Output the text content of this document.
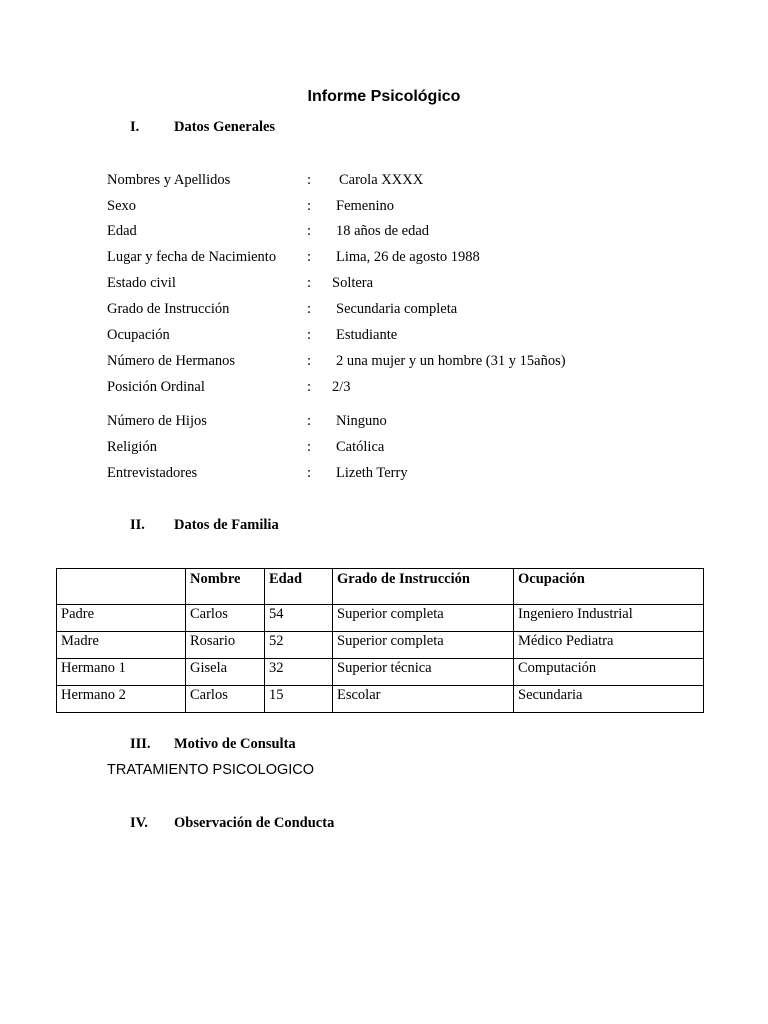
Informe Psicológico
I. Datos Generales
Nombres y Apellidos	: Carola XXXX
Sexo	: Femenino
Edad	: 18 años de edad
Lugar y fecha de Nacimiento : Lima, 26 de agosto 1988
Estado civil	: Soltera
Grado de Instrucción	: Secundaria completa
Ocupación	: Estudiante
Número de Hermanos	: 2 una mujer y un hombre (31 y 15años)
Posición Ordinal	: 2/3
Número de Hijos	: Ninguno
Religión	: Católica
Entrevistadores	: Lizeth Terry
II. Datos de Familia
	Nombre	Edad	Grado de Instrucción	Ocupación
Padre	Carlos	54	Superior completa	Ingeniero Industrial
Madre	Rosario	52	Superior completa	Médico Pediatra
Hermano 1	Gisela	32	Superior técnica	Computación
Hermano 2	Carlos	15	Escolar	Secundaria
III. Motivo de Consulta
TRATAMIENTO PSICOLOGICO
IV. Observación de Conducta
